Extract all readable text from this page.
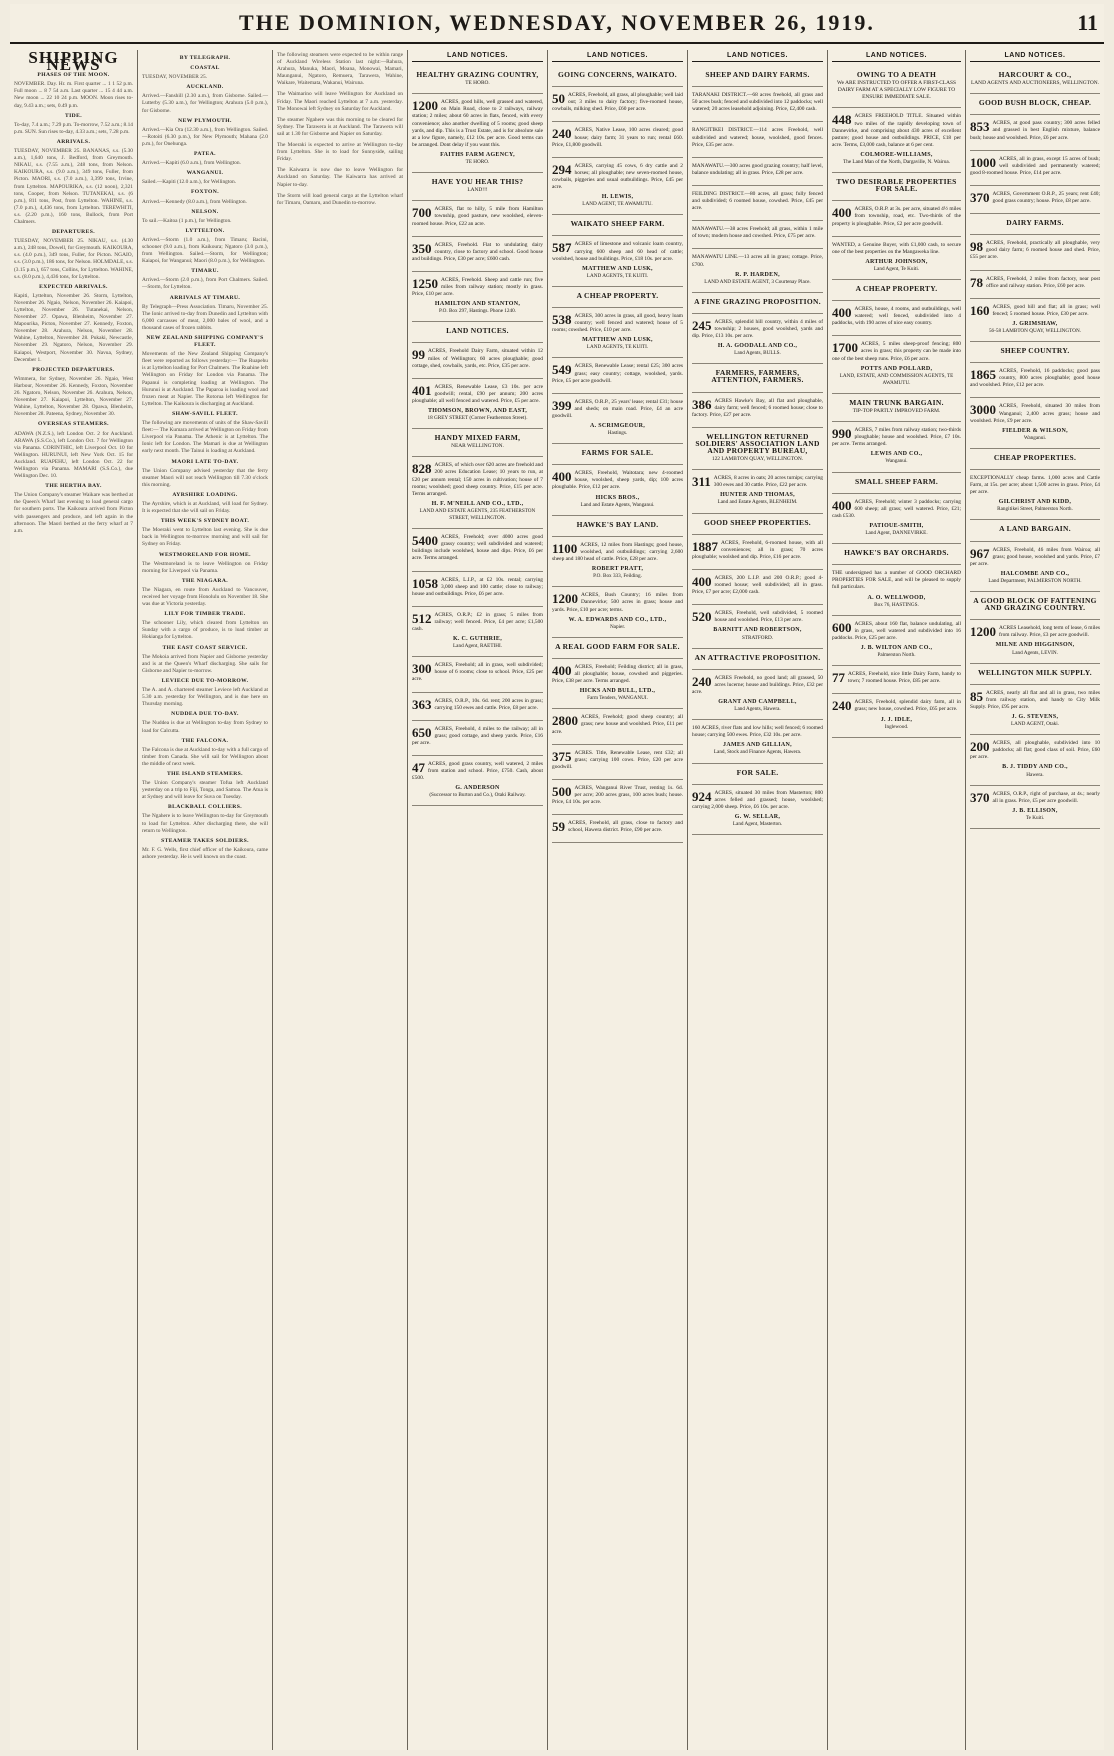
THE DOMINION, WEDNESDAY, NOVEMBER 26, 1919.	11
SHIPPING NEWS
PHASES OF THE MOON.

NOVEMBER. Day. Hr. m. First quarter ... 1 1 52 p.m. Full moon ... 8 7 54 a.m. Last quarter ... 15 4 44 a.m. New moon ... 22 10 24 p.m. MOON. Moon rises to-day, 9.43 a.m.; sets, 0.49 p.m.

TIDE.

To-day, 7.4 a.m.; 7.29 p.m. To-morrow, 7.52 a.m.; 8.14 p.m. SUN. Sun rises to-day, 4.33 a.m.; sets, 7.28 p.m.

ARRIVALS.

TUESDAY, NOVEMBER 25. BANANAS, s.s. (5.30 a.m.), 1,640 tons, J. Bedford, from Greymouth. NIKAU, s.s. (7.55 a.m.), 248 tons, from Nelson. KAIKOURA, s.s. (9.0 a.m.), 349 tons, Fuller, from Picton. MAORI, s.s. (7.0 a.m.), 3,399 tons, Irvine, from Lyttelton. MAPOURIKA, s.s. (12 noon), 2,321 tons, Cooper, from Nelson. TUTANEKAI, s.s. (6 p.m.), 811 tons, Post, from Lyttelton. WAHINE, s.s. (7.0 p.m.), 4,436 tons, from Lyttelton. TEREWHITI, s.s. (2.20 p.m.), 160 tons, Bullock, from Port Chalmers.

DEPARTURES.

TUESDAY, NOVEMBER 25. NIKAU, s.s. (4.30 a.m.), 248 tons, Dowell, for Greymouth. KAIKOURA, s.s. (4.0 p.m.), 349 tons, Fuller, for Picton. NGAIO, s.s. (3.0 p.m.), 186 tons, for Nelson. HOLMDALE, s.s. (3.15 p.m.), 657 tons, Collins, for Lyttelton. WAHINE, s.s. (8.0 p.m.), 4,436 tons, for Lyttelton.

EXPECTED ARRIVALS.

Kapiti, Lyttelton, November 26. Storm, Lyttelton, November 26. Ngaio, Nelson, November 26. Kaiapoi, Lyttelton, November 26. Tutanekai, Nelson, November 27. Opawa, Blenheim, November 27. Mapourika, Picton, November 27. Kennedy, Foxton, November 28. Arahura, Nelson, November 28. Wahine, Lyttelton, November 28. Pukaki, Newcastle, November 29. Ngatoro, Nelson, November 29. Kaiapoi, Westport, November 30. Navua, Sydney, December 1.

PROJECTED DEPARTURES.

Wimmera, for Sydney, November 26. Ngaio, West Harbour, November 26. Kennedy, Foxton, November 26. Ngatoro, Nelson, November 26. Arahura, Nelson, November 27. Kaiapoi, Lyttelton, November 27. Wahine, Lyttelton, November 28. Opawa, Blenheim, November 28. Pateena, Sydney, November 30.

OVERSEAS STEAMERS.

ADAWA (N.Z.S.), left London Oct. 2 for Auckland. ARAWA (S.S.Co.), left London Oct. 7 for Wellington via Panama. CORINTHIC, left Liverpool Oct. 10 for Wellington. HURUNUI, left New York Oct. 15 for Auckland. RUAPEHU, left London Oct. 22 for Wellington via Panama. MAMARI (S.S.Co.), due Wellington Dec. 10.

THE HERTHA BAY.

The Union Company's steamer Waikare was berthed at the Queen's Wharf last evening to load general cargo for southern ports. The Kaikoura arrived from Picton with passengers and produce, and left again in the afternoon. The Maori berthed at the ferry wharf at 7 a.m.

BY TELEGRAPH.
COASTAL

TUESDAY, NOVEMBER 25.

AUCKLAND.

Arrived.—Fanshill (2.30 a.m.), from Gisborne. Sailed.—Lutterby (5.30 a.m.), for Wellington; Arahura (5.0 p.m.), for Gisborne.

NEW PLYMOUTH.

Arrived.—Kia Ora (12.30 a.m.), from Wellington. Sailed.—Rotoiti (6.30 p.m.), for New Plymouth; Mahana (2.0 p.m.), for Onehunga.

PATEA.

Arrived.—Kapiti (6.0 a.m.), from Wellington.

WANGANUI.

Sailed.—Kapiti (12.0 a.m.), for Wellington.

FOXTON.

Arrived.—Kennedy (8.0 a.m.), from Wellington.

NELSON.

To sail.—Kaitoa (1 p.m.), for Wellington.

LYTTELTON.

Arrived.—Storm (1.0 a.m.), from Timaru; Bacini, schooner (9.0 a.m.), from Kaikoura; Ngatoro (3.0 p.m.), from Wellington. Sailed.—Storm, for Wellington; Kaiapoi, for Wanganui; Maori (8.0 p.m.), for Wellington.

TIMARU.

Arrived.—Storm (2.0 p.m.), from Port Chalmers. Sailed.—Storm, for Lyttelton.

ARRIVALS AT TIMARU.

By Telegraph—Press Association. Timaru, November 25. The Ionic arrived to-day from Dunedin and Lyttelton with 6,000 carcasses of meat, 2,000 bales of wool, and a thousand cases of frozen rabbits.

NEW ZEALAND SHIPPING COMPANY'S FLEET.

Movements of the New Zealand Shipping Company's fleet were reported as follows yesterday:— The Ruapehu is at Lyttelton loading for Port Chalmers. The Ruahine left Wellington on Friday for London via Panama. The Papanui is completing loading at Wellington. The Hurunui is at Auckland. The Paparoa is loading wool and frozen meat at Napier. The Rotorua left Wellington for Lyttelton. The Kaikoura is discharging at Auckland.

SHAW-SAVILL FLEET.

The following are movements of units of the Shaw-Savill fleet:— The Kumara arrived at Wellington on Friday from Liverpool via Panama. The Athenic is at Lyttelton. The Ionic left for London. The Mamari is due at Wellington early next month. The Tainui is loading at Auckland.

MAORI LATE TO-DAY.

The Union Company advised yesterday that the ferry steamer Maori will not reach Wellington till 7.30 o'clock this morning.

AYRSHIRE LOADING.

The Ayrshire, which is at Auckland, will load for Sydney. It is expected that she will sail on Friday.

THIS WEEK'S SYDNEY BOAT.

The Moeraki went to Lyttelton last evening. She is due back in Wellington to-morrow morning and will sail for Sydney on Friday.

WESTMORELAND FOR HOME.

The Westmoreland is to leave Wellington on Friday morning for Liverpool via Panama.

THE NIAGARA.

The Niagara, en route from Auckland to Vancouver, received her voyage from Honolulu on November 18. She was due at Victoria yesterday.

LILY FOR TIMBER TRADE.

The schooner Lily, which cleared from Lyttelton on Sunday with a cargo of produce, is to load timber at Hokianga for Lyttelton.

THE EAST COAST SERVICE.

The Mokoia arrived from Napier and Gisborne yesterday and is at the Queen's Wharf discharging. She sails for Gisborne and Napier to-morrow.

LEVIECE DUE TO-MORROW.

The A. and A. chartered steamer Leviece left Auckland at 5.30 a.m. yesterday for Wellington, and is due here on Thursday morning.

NUDDEA DUE TO-DAY.

The Nuddea is due at Wellington to-day from Sydney to load for Calcutta.

THE FALCONA.

The Falcona is due at Auckland to-day with a full cargo of timber from Canada. She will sail for Wellington about the middle of next week.

THE ISLAND STEAMERS.

The Union Company's steamer Tofua left Auckland yesterday on a trip to Fiji, Tonga, and Samoa. The Atua is at Sydney and will leave for Suva on Tuesday.

BLACKBALL COLLIERS.

The Ngahere is to leave Wellington to-day for Greymouth to load for Lyttelton. After discharging there, she will return to Wellington.

STEAMER TAKES SOLDIERS.

Mr. F. G. Wells, first chief officer of the Kaikoura, came ashore yesterday. He is well known on the coast.

The following steamers were expected to be within range of Auckland Wireless Station last night:—Rahura, Arahura, Manuka, Maori, Moana, Monowai, Mamari, Maunganui, Ngatoro, Remuera, Tarawera, Wahine, Waikare, Waitemata, Wakanui, Wairuna.

The Waimarino will leave Wellington for Auckland on Friday. The Maori reached Lyttelton at 7 a.m. yesterday. The Monowai left Sydney on Saturday for Auckland.

The steamer Ngahere was this morning to be cleared for Sydney. The Tarawera is at Auckland. The Tarawera will sail at 1.30 for Gisborne and Napier on Saturday.

The Moeraki is expected to arrive at Wellington to-day from Lyttelton. She is to load for Sunnyside, sailing Friday.

The Kaiwarra is now due to leave Wellington for Auckland on Saturday. The Kaiwarra has arrived at Napier to-day.

The Storm will load general cargo at the Lyttelton wharf for Timaru, Oamaru, and Dunedin to-morrow.

LAND NOTICES.
HEALTHY GRAZING COUNTRY,
TE HORO.

1200 ACRES, good hills, well grassed and watered, on Main Road, close to 2 railways, railway station; 2 miles; about 60 acres in flats, fenced, with every convenience; also another dwelling of 5 rooms; good sheep yards, and dip. This is a Trust Estate, and is for absolute sale at a low figure, namely, £12 10s. per acre. Good terms can be arranged. Dont delay if you want this.

FAITHS FARM AGENCY,
TE HORO.
HAVE YOU HEAR THIS?
LAND!!!

700 ACRES, flat to hilly, 5 mile from Hamilton township, good pasture, new woolshed, eleven-roomed house. Price, £22 an acre.

350 ACRES, Freehold. Flat to undulating dairy country, close to factory and school. Good house and buildings. Price, £30 per acre; £600 cash.

1250 ACRES, Freehold. Sheep and cattle run; five miles from railway station; mostly in grass. Price, £10 per acre.

HAMILTON AND STANTON,
P.O. Box 297, Hastings. Phone 1240.
LAND NOTICES.

99 ACRES, Freehold Dairy Farm, situated within 12 miles of Wellington; 60 acres ploughable; good cottage, shed, cowbails, yards, etc. Price, £35 per acre.

401 ACRES, Renewable Lease, £3 10s. per acre goodwill; rental, £90 per annum; 200 acres ploughable; all well fenced and watered. Price, £5 per acre.

THOMSON, BROWN, AND EAST,
18 GREY STREET (Corner Featherston Street).
HANDY MIXED FARM,
NEAR WELLINGTON.

828 ACRES, of which over 620 acres are freehold and 200 acres Education Lease; 10 years to run, at £20 per annum rental; 150 acres in cultivation; house of 7 rooms; woolshed; good sheep country. Price, £15 per acre. Terms arranged.

H. F. M'NEILL AND CO., LTD.,
LAND AND ESTATE AGENTS, 235 FEATHERSTON STREET, WELLINGTON.

5400 ACRES, Freehold; over 4000 acres good grassy country; well subdivided and watered; buildings include woolshed, house and dips. Price, £6 per acre. Terms arranged.

1058 ACRES, L.I.P., at £2 10s. rental; carrying 3,000 sheep and 100 cattle; close to railway; house and outbuildings. Price, £6 per acre.

512 ACRES, O.R.P.; £2 in grass; 5 miles from railway; well fenced. Price, £4 per acre; £1,500 cash.

K. C. GUTHRIE,
Land Agent, RAETIHI.

300 ACRES, Freehold; all in grass, well subdivided; house of 6 rooms; close to school. Price, £25 per acre.

363 ACRES, O.R.P., 10s. 6d. rent; 200 acres in grass; carrying 150 ewes and cattle. Price, £8 per acre.

650 ACRES, Freehold, 4 miles to the railway; all in grass; good cottage, and sheep yards. Price, £16 per acre.

47 ACRES, good grass country, well watered, 2 miles from station and school. Price, £750. Cash, about £500.

G. ANDERSON
(Successor to Burton and Co.), Otaki Railway.
LAND NOTICES.
GOING CONCERNS, WAIKATO.

50 ACRES, Freehold, all grass, all ploughable; well laid out; 3 miles to dairy factory; five-roomed house, cowbails, milking shed. Price, £60 per acre.

240 ACRES, Native Lease, 100 acres cleared; good house; dairy farm; 31 years to run; rental £60. Price, £1,800 goodwill.

294 ACRES, carrying 45 cows, 6 dry cattle and 2 horses; all ploughable; new seven-roomed house, cowbails, piggeries and usual outbuildings. Price, £45 per acre.

H. LEWIS,
LAND AGENT, TE AWAMUTU.
WAIKATO SHEEP FARM.

587 ACRES of limestone and volcanic loam country, carrying 600 sheep and 60 head of cattle; woolshed, house and buildings. Price, £18 10s. per acre.

MATTHEW AND LUSK,
LAND AGENTS, TE KUITI.
A CHEAP PROPERTY.

538 ACRES, 300 acres in grass, all good, heavy loam country; well fenced and watered; house of 5 rooms; cowshed. Price, £10 per acre.

MATTHEW AND LUSK,
LAND AGENTS, TE KUITI.

549 ACRES, Renewable Lease; rental £25; 300 acres grass; easy country; cottage, woolshed, yards. Price, £5 per acre goodwill.

399 ACRES, O.R.P., 25 years' lease; rental £31; house and sheds; on main road. Price, £4 an acre goodwill.

A. SCRIMGEOUR,
Hastings.
FARMS FOR SALE.

400 ACRES, Freehold, Waitotara; new 4-roomed house, woolshed, sheep yards, dip; 100 acres ploughable. Price, £12 per acre.

HICKS BROS.,
Land and Estate Agents, Wanganui.
HAWKE'S BAY LAND.

1100 ACRES, 12 miles from Hastings; good house, woolshed, and outbuildings; carrying 2,600 sheep and 180 head of cattle. Price, £28 per acre.

ROBERT PRATT,
P.O. Box 333, Feilding.

1200 ACRES, Bush Country; 16 miles from Dannevirke; 500 acres in grass; house and yards. Price, £10 per acre; terms.

W. A. EDWARDS AND CO., LTD.,
Napier.
A REAL GOOD FARM FOR SALE.

400 ACRES, Freehold; Feilding district; all in grass, all ploughable; house, cowshed and piggeries. Price, £38 per acre. Terms arranged.

HICKS AND BULL, LTD.,
Farm Tenders, WANGANUI.

2800 ACRES, Freehold; good sheep country; all grass; new house and woolshed. Price, £11 per acre.

375 ACRES. Title, Renewable Lease, rent £32; all grass; carrying 100 cows. Price, £20 per acre goodwill.

500 ACRES, Wanganui River Trust, renting 1s. 6d. per acre; 200 acres grass, 100 acres bush; house. Price, £4 10s. per acre.

59 ACRES, Freehold, all grass, close to factory and school, Hawera district. Price, £90 per acre.

LAND NOTICES.
SHEEP AND DAIRY FARMS.

TARANAKI DISTRICT.—68 acres freehold, all grass and 50 acres bush; fenced and subdivided into 12 paddocks; well watered; 20 acres leasehold adjoining. Price, £2,400 cash.

RANGITIKEI DISTRICT.—114 acres Freehold, well subdivided and watered; house, woolshed, good fences. Price, £35 per acre.

MANAWATU.—300 acres good grazing country; half level, balance undulating; all in grass. Price, £28 per acre.

FEILDING DISTRICT.—80 acres, all grass; fully fenced and subdivided; 6 roomed house, cowshed. Price, £45 per acre.

MANAWATU.—38 acres Freehold; all grass, within 1 mile of town; modern house and cowshed. Price, £75 per acre.

MANAWATU LINE.—13 acres all in grass; cottage. Price, £700.

R. P. HARDEN,
LAND AND ESTATE AGENT, 3 Courtenay Place.
A FINE GRAZING PROPOSITION.

245 ACRES, splendid hill country, within 4 miles of township; 2 houses, good woolshed, yards and dip. Price, £13 10s. per acre.

H. A. GOODALL AND CO.,
Land Agents, BULLS.
FARMERS, FARMERS, ATTENTION, FARMERS.

386 ACRES Hawke's Bay, all flat and ploughable, dairy farm; well fenced; 6 roomed house; close to factory. Price, £27 per acre.

WELLINGTON RETURNED SOLDIERS' ASSOCIATION LAND AND PROPERTY BUREAU,
122 LAMBTON QUAY, WELLINGTON.

311 ACRES, 8 acres in oats; 20 acres turnips; carrying 300 ewes and 30 cattle. Price, £22 per acre.

HUNTER AND THOMAS,
Land and Estate Agents, BLENHEIM.
GOOD SHEEP PROPERTIES.

1887 ACRES, Freehold, 6-roomed house, with all conveniences; all in grass; 70 acres ploughable; woolshed and dip. Price, £16 per acre.

400 ACRES, 200 L.I.P. and 200 O.R.P.; good 4-roomed house; well subdivided; all in grass. Price, £7 per acre; £2,000 cash.

520 ACRES, Freehold, well subdivided, 5 roomed house and woolshed. Price, £13 per acre.

BARNITT AND ROBERTSON,
STRATFORD.
AN ATTRACTIVE PROPOSITION.

240 ACRES Freehold, no good land; all grassed, 50 acres lucerne; house and buildings. Price, £32 per acre.

GRANT AND CAMPBELL,
Land Agents, Hawera.

160 ACRES, river flats and low hills; well fenced; 6 roomed house; carrying 500 ewes. Price, £32 10s. per acre.

JAMES AND GILLIAN,
Land, Stock and Finance Agents, Hawera.
FOR SALE.

924 ACRES, situated 30 miles from Masterton; 800 acres felled and grassed; house, woolshed; carrying 2,000 sheep. Price, £6 10s. per acre.

G. W. SELLAR,
Land Agent, Masterton.
LAND NOTICES.
OWING TO A DEATH
We ARE INSTRUCTED TO OFFER A FIRST-CLASS DAIRY FARM AT A SPECIALLY LOW FIGURE TO ENSURE IMMEDIATE SALE.

448 ACRES FREEHOLD TITLE. Situated within two miles of the rapidly developing town of Dannevirke, and comprising about 430 acres of excellent pasture; good house and outbuildings. PRICE, £18 per acre. Terms, £3,000 cash, balance at 6 per cent.

COLMORE-WILLIAMS,
The Land Man of the North, Dargaville, N. Wairoa.
TWO DESIRABLE PROPERTIES FOR SALE.

400 ACRES, O.R.P. at 3s. per acre, situated 4½ miles from township, road, etc. Two-thirds of the property is ploughable. Price, £2 per acre goodwill.

WANTED, a Genuine Buyer, with £1,000 cash, to secure one of the best properties on the Mangaweka line.

ARTHUR JOHNSON,
Land Agent, Te Kuiti.
A CHEAP PROPERTY.

400 ACRES, house, 4 rooms, and outbuildings, well watered; well fenced, subdivided into 4 paddocks, with 190 acres of nice easy country.

1700 ACRES, 5 miles sheep-proof fencing; 800 acres in grass; this property can be made into one of the best sheep runs. Price, £6 per acre.

POTTS AND POLLARD,
LAND, ESTATE, AND COMMISSION AGENTS, TE AWAMUTU.
MAIN TRUNK BARGAIN.
TIP-TOP PARTLY IMPROVED FARM.

990 ACRES, 7 miles from railway station; two-thirds ploughable; house and woolshed. Price, £7 10s. per acre. Terms arranged.

LEWIS AND CO.,
Wanganui.
SMALL SHEEP FARM.

400 ACRES, Freehold; winter 3 paddocks; carrying 600 sheep; all grass; well watered. Price, £21; cash £530.

PATIOUE-SMITH,
Land Agent, DANNEVIRKE.
HAWKE'S BAY ORCHARDS.

THE undersigned has a number of GOOD ORCHARD PROPERTIES FOR SALE, and will be pleased to supply full particulars.

A. O. WELLWOOD,
Box 76, HASTINGS.

600 ACRES, about 160 flat, balance undulating, all in grass, well watered and subdivided into 16 paddocks. Price, £25 per acre.

J. B. WILTON AND CO.,
Palmerston North.

77 ACRES, Freehold, nice little Dairy Farm, handy to town; 7 roomed house. Price, £85 per acre.

240 ACRES, Freehold, splendid dairy farm, all in grass; new house, cowshed. Price, £65 per acre.

J. J. IDLE,
Inglewood.
LAND NOTICES.
HARCOURT & CO.,
LAND AGENTS AND AUCTIONEERS, WELLINGTON.
GOOD BUSH BLOCK, CHEAP.

853 ACRES, at good pass country; 300 acres felled and grassed in best English mixture, balance bush; house and woolshed. Price, £6 per acre.

1000 ACRES, all in grass, except 15 acres of bush; well subdivided and permanently watered; good 8-roomed house. Price, £14 per acre.

370 ACRES, Government O.R.P., 25 years; rent £40; good grass country; house. Price, £8 per acre.

DAIRY FARMS.

98 ACRES, Freehold, practically all ploughable, very good dairy farm; 6 roomed house and shed. Price, £55 per acre.

78 ACRES, Freehold, 2 miles from factory, near post office and railway station. Price, £60 per acre.

160 ACRES, good hill and flat; all in grass; well fenced; 5 roomed house. Price, £30 per acre.

J. GRIMSHAW,
56-58 LAMBTON QUAY, WELLINGTON.
SHEEP COUNTRY.

1865 ACRES, Freehold, 16 paddocks; good pass country, 800 acres ploughable; good house and woolshed. Price, £12 per acre.

3000 ACRES, Freehold, situated 30 miles from Wanganui; 2,400 acres grass; house and woolshed. Price, £9 per acre.

FIELDER & WILSON,
Wanganui.
CHEAP PROPERTIES.

EXCEPTIONALLY cheap farms. 1,000 acres and Cattle Farm, at 15s. per acre; about 1,500 acres in grass. Price, £4 per acre.

GILCHRIST AND KIDD,
Rangitikei Street, Palmerston North.
A LAND BARGAIN.

967 ACRES, Freehold, 46 miles from Wairoa; all grass; good house, woolshed and yards. Price, £7 per acre.

HALCOMBE AND CO.,
Land Department, PALMERSTON NORTH.
A GOOD BLOCK OF FATTENING AND GRAZING COUNTRY.

1200 ACRES Leasehold, long term of lease, 6 miles from railway. Price, £3 per acre goodwill.

MILNE AND HIGGINSON,
Land Agents, LEVIN.
WELLINGTON MILK SUPPLY.

85 ACRES, nearly all flat and all in grass, two miles from railway station, and handy to City Milk Supply. Price, £95 per acre.

J. G. STEVENS,
LAND AGENT, Otaki.

200 ACRES, all ploughable, subdivided into 10 paddocks; all flat; good class of soil. Price, £60 per acre.

B. J. TIDDY AND CO.,
Hawera.

370 ACRES, O.R.P., right of purchase, at 4s.; nearly all in grass. Price, £5 per acre goodwill.

J. B. ELLISON,
Te Kuiti.
